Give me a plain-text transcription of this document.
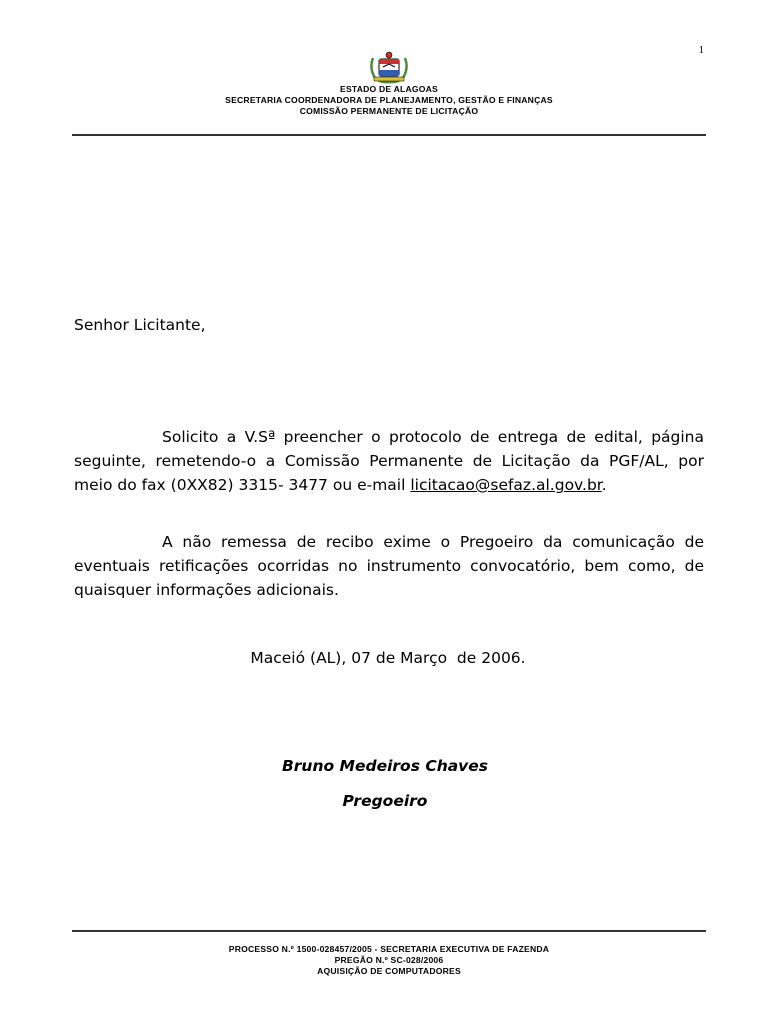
1
ESTADO DE ALAGOAS
SECRETARIA COORDENADORA DE PLANEJAMENTO, GESTÃO E FINANÇAS
COMISSÃO PERMANENTE DE LICITAÇÃO
Senhor Licitante,
Solicito a V.Sª preencher o protocolo de entrega de edital, página seguinte, remetendo-o a Comissão Permanente de Licitação da PGF/AL, por meio do fax (0XX82) 3315- 3477 ou e-mail licitacao@sefaz.al.gov.br.
A não remessa de recibo exime o Pregoeiro da comunicação de eventuais retificações ocorridas no instrumento convocatório, bem como, de quaisquer informações adicionais.
Maceió (AL), 07 de Março  de 2006.
Bruno Medeiros Chaves
Pregoeiro
PROCESSO N.º 1500-028457/2005 - SECRETARIA EXECUTIVA DE FAZENDA
PREGÃO N.º SC-028/2006
AQUISIÇÃO DE COMPUTADORES
